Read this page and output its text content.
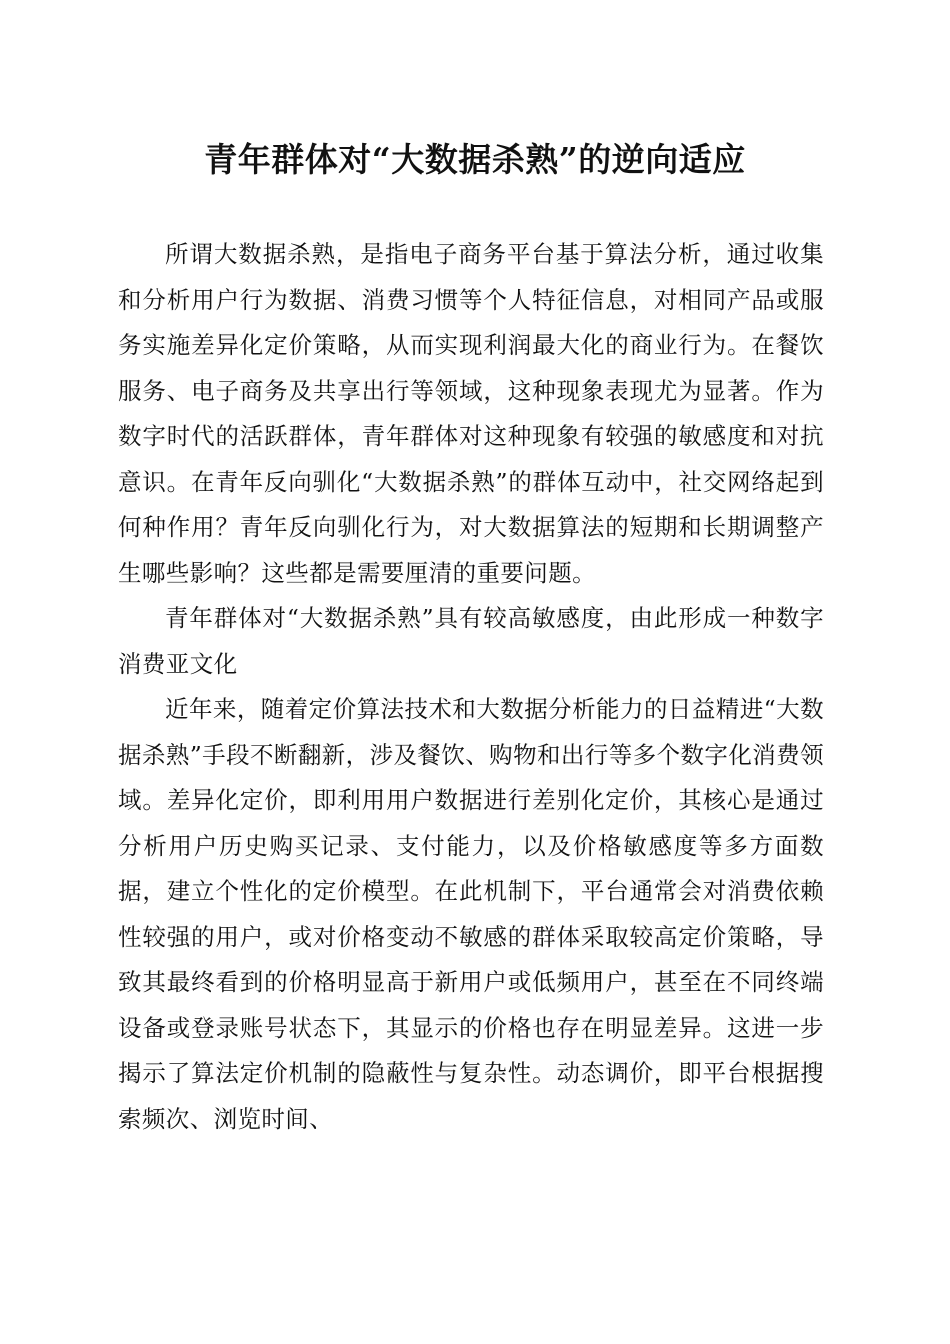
青年群体对“大数据杀熟”的逆向适应

所谓大数据杀熟，是指电子商务平台基于算法分析，通过收集和分析用户行为数据、消费习惯等个人特征信息，对相同产品或服务实施差异化定价策略，从而实现利润最大化的商业行为。在餐饮服务、电子商务及共享出行等领域，这种现象表现尤为显著。作为数字时代的活跃群体，青年群体对这种现象有较强的敏感度和对抗意识。在青年反向驯化“大数据杀熟”的群体互动中，社交网络起到何种作用？青年反向驯化行为，对大数据算法的短期和长期调整产生哪些影响？这些都是需要厘清的重要问题。

青年群体对“大数据杀熟”具有较高敏感度，由此形成一种数字消费亚文化

近年来，随着定价算法技术和大数据分析能力的日益精进“大数据杀熟”手段不断翻新，涉及餐饮、购物和出行等多个数字化消费领域。差异化定价，即利用用户数据进行差别化定价，其核心是通过分析用户历史购买记录、支付能力，以及价格敏感度等多方面数据，建立个性化的定价模型。在此机制下，平台通常会对消费依赖性较强的用户，或对价格变动不敏感的群体采取较高定价策略，导致其最终看到的价格明显高于新用户或低频用户，甚至在不同终端设备或登录账号状态下，其显示的价格也存在明显差异。这进一步揭示了算法定价机制的隐蔽性与复杂性。动态调价，即平台根据搜索频次、浏览时间、
